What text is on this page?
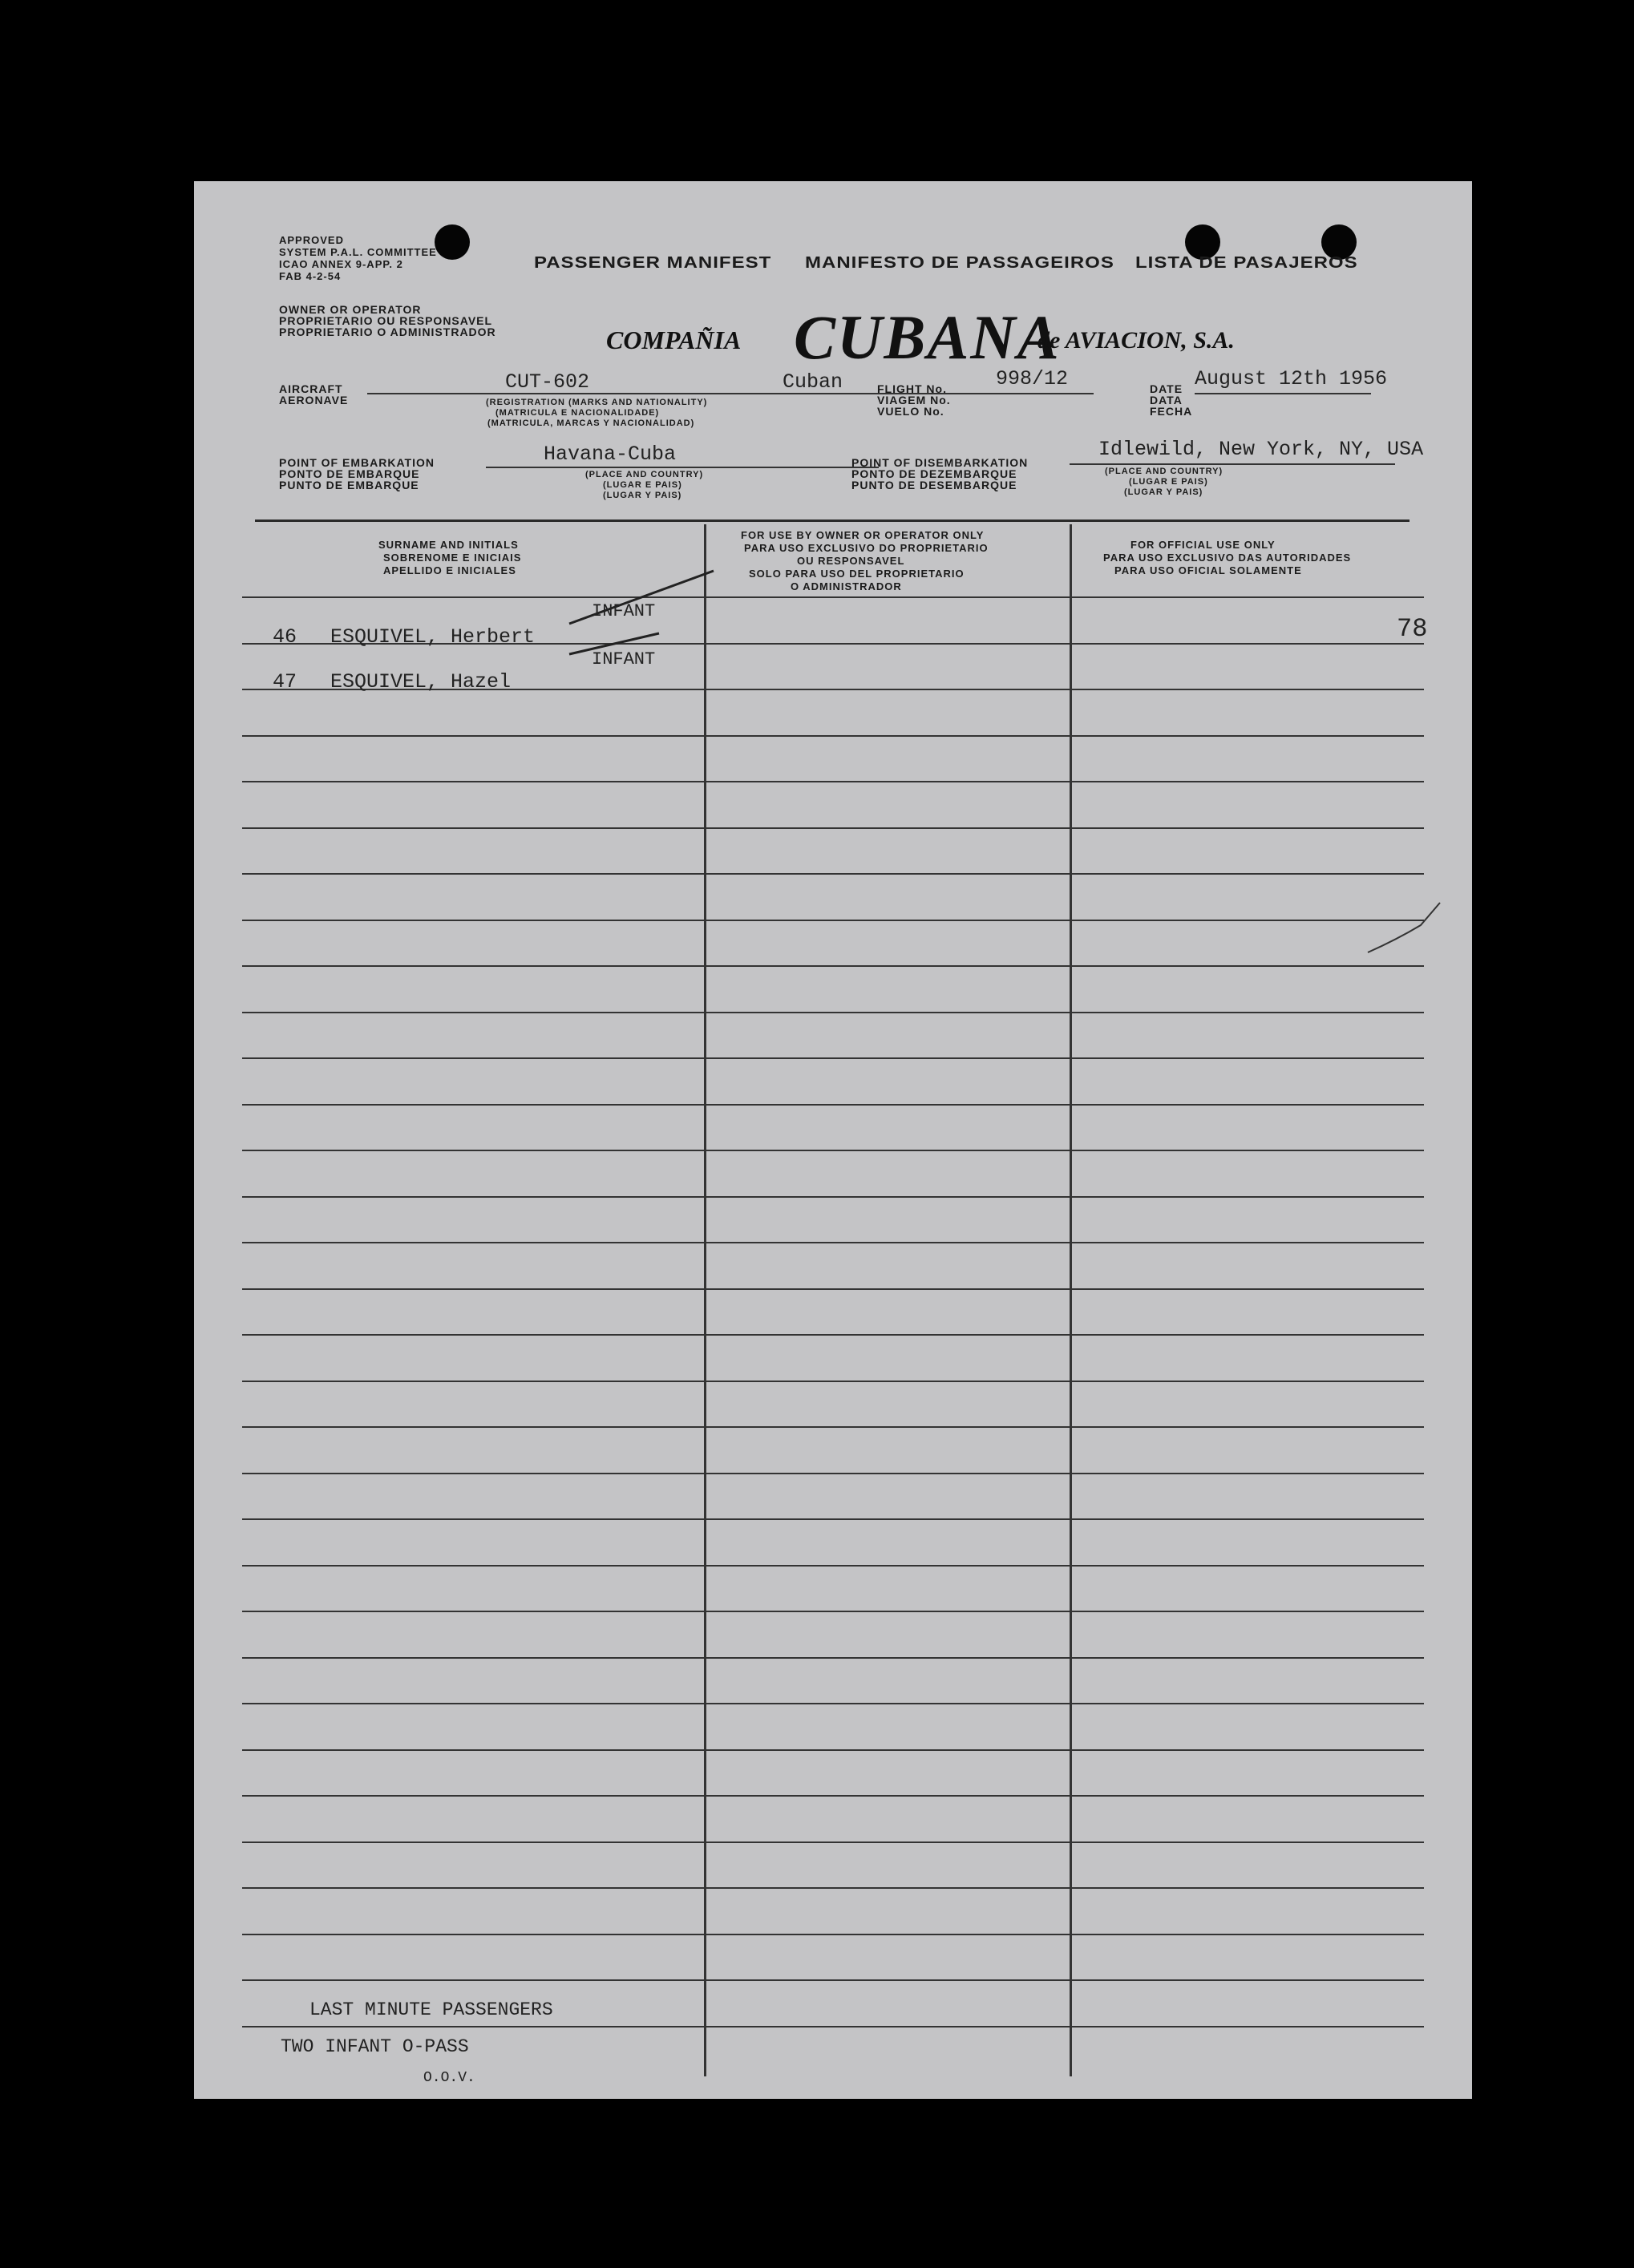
APPROVED
SYSTEM P.A.L. COMMITTEE
ICAO ANNEX 9-APP. 2
FAB 4-2-54
PASSENGER MANIFEST MANIFESTO DE PASSAGEIROS LISTA DE PASAJEROS
OWNER OR OPERATOR
PROPRIETARIO OU RESPONSAVEL
PROPRIETARIO O ADMINISTRADOR	COMPAÑIA CUBANA
de AVIACION, S.A.
AIRCRAFT
AERONAVE
CUT-602	Cuban
(REGISTRATION (MARKS AND NATIONALITY)
(MATRICULA E NACIONALIDADE)
(MATRICULA, MARCAS Y NACIONALIDAD)
FLIGHT No.
VIAGEM No.
VUELO No.
998/12	DATE
DATA
FECHA
August 12th 1956
POINT OF EMBARKATION
PONTO DE EMBARQUE
PUNTO DE EMBARQUE
Havana-Cuba
(PLACE AND COUNTRY)
(LUGAR E PAIS)
(LUGAR Y PAIS)
POINT OF DISEMBARKATION
PONTO DE DEZEMBARQUE
PUNTO DE DESEMBARQUE
Idlewild, New York, NY, USA
(PLACE AND COUNTRY)
(LUGAR E PAIS)
(LUGAR Y PAIS)
SURNAME AND INITIALS
SOBRENOME E INICIAIS
APELLIDO E INICIALES
FOR USE BY OWNER OR OPERATOR ONLY
PARA USO EXCLUSIVO DO PROPRIETARIO
OU RESPONSAVEL
SOLO PARA USO DEL PROPRIETARIO
O ADMINISTRADOR
FOR OFFICIAL USE ONLY
PARA USO EXCLUSIVO DAS AUTORIDADES
PARA USO OFICIAL SOLAMENTE
46 ESQUIVEL, Herbert
INFANT
47 ESQUIVEL, Hazel
INFANT
78
LAST MINUTE PASSENGERS
TWO INFANT O-PASS
O.O.V.
